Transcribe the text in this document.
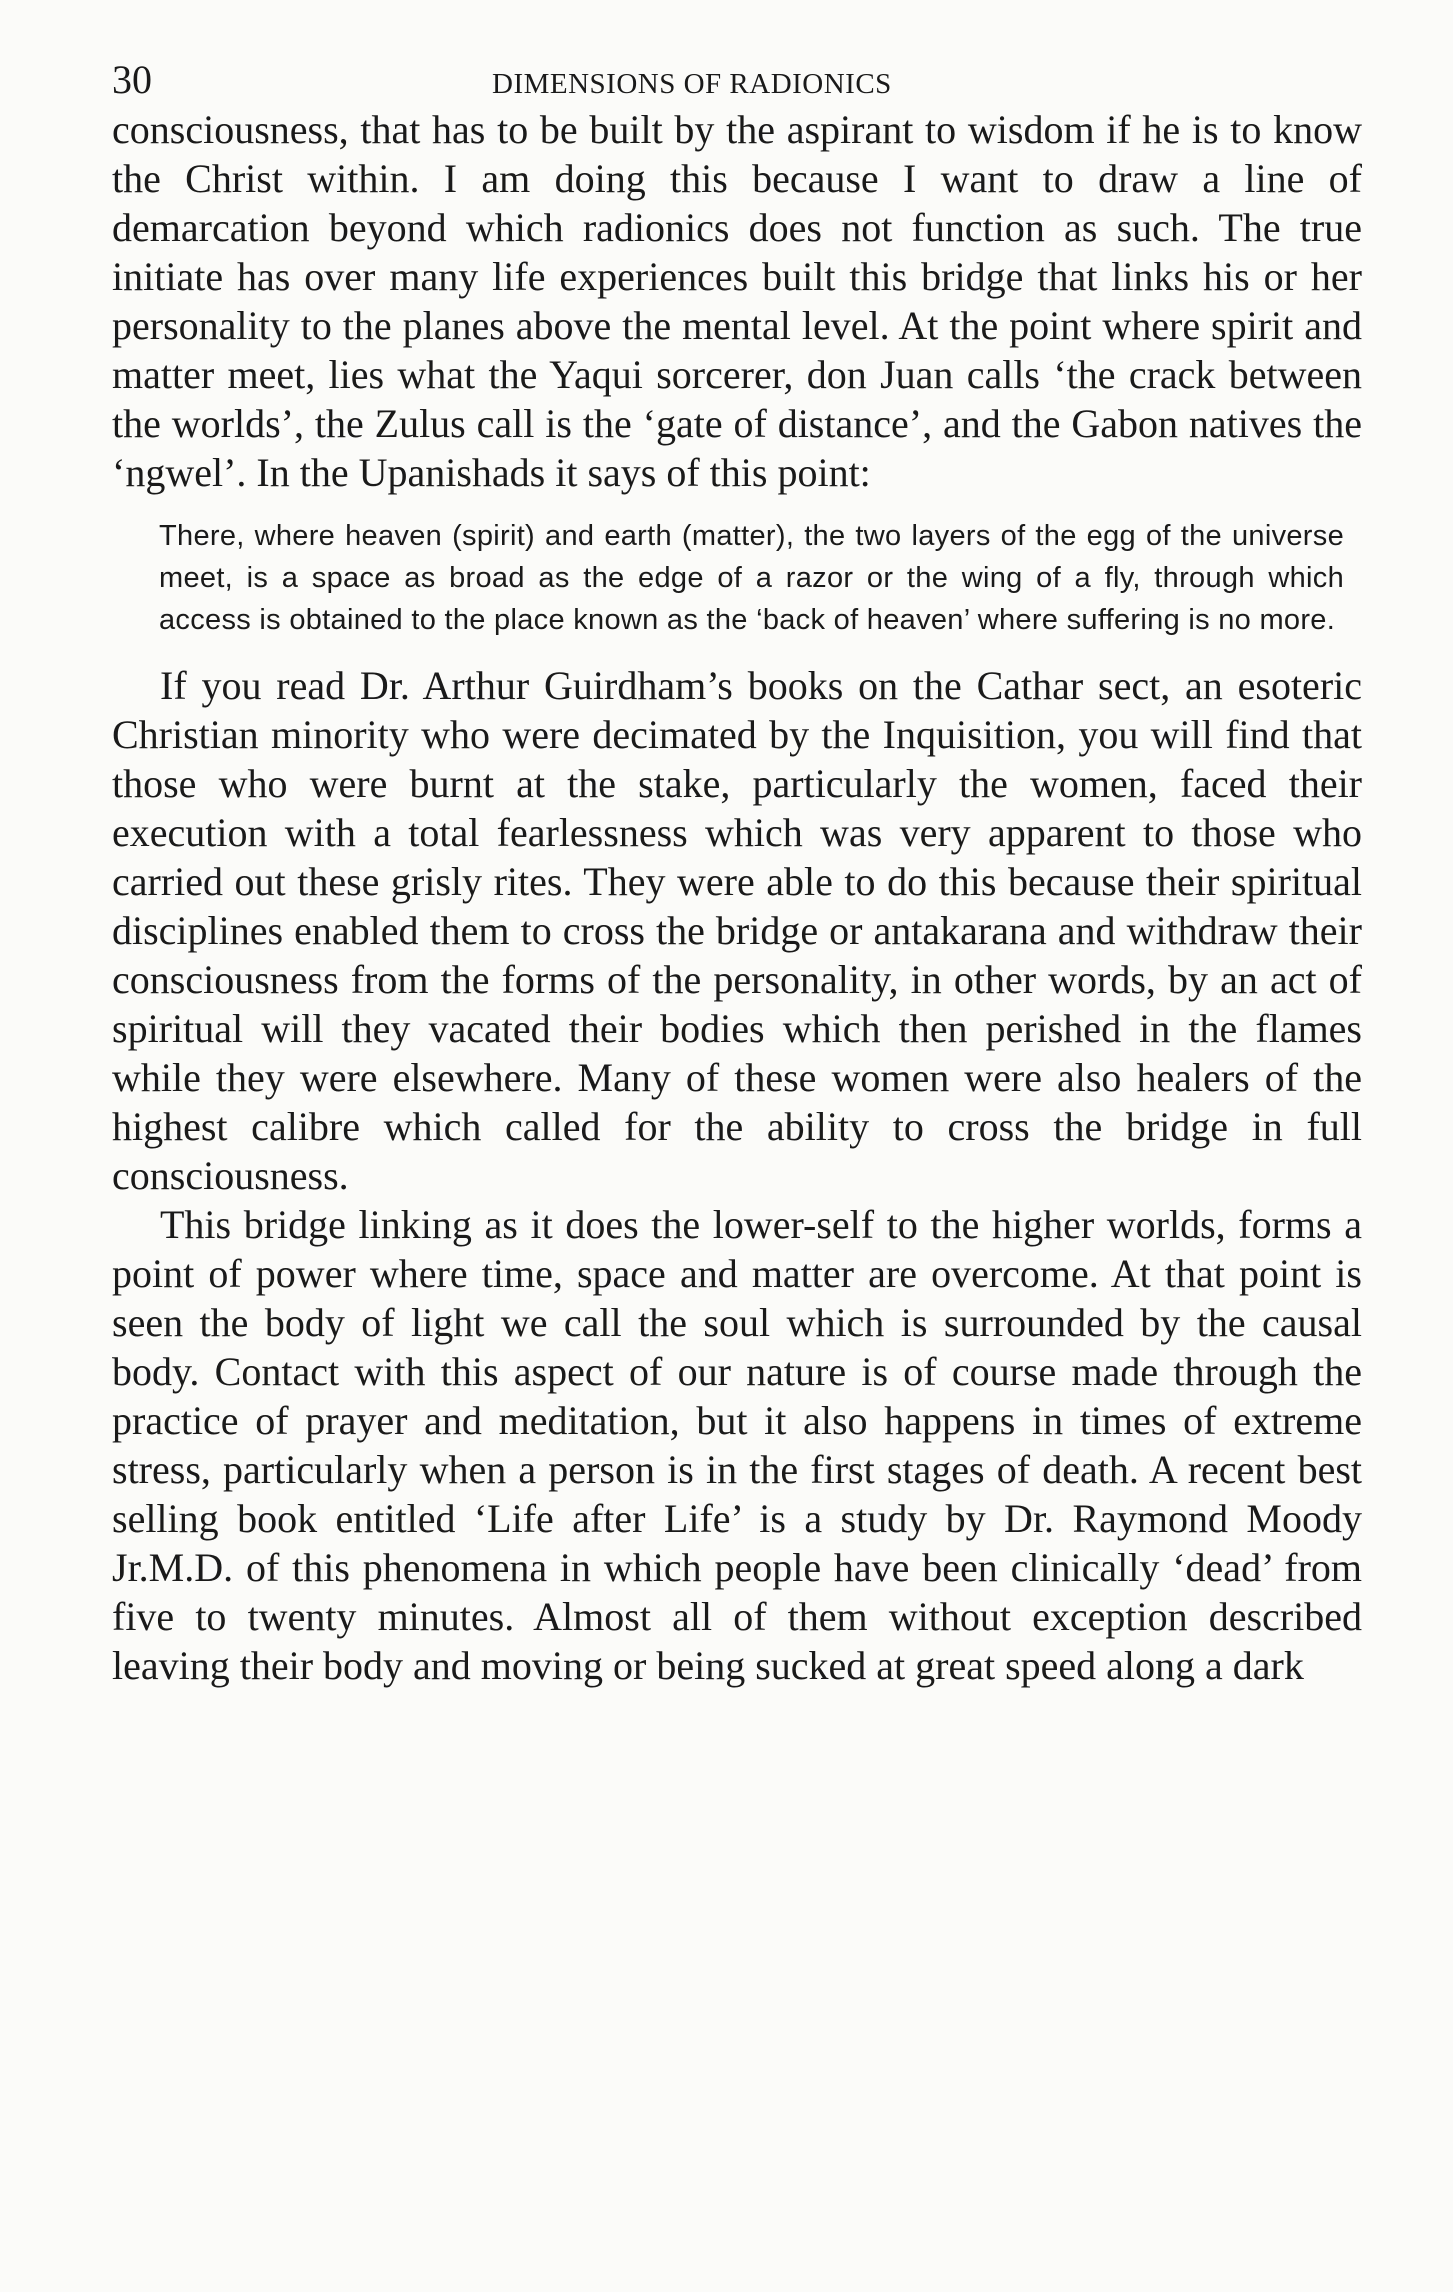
30	DIMENSIONS OF RADIONICS

consciousness, that has to be built by the aspirant to wisdom if he is to know the Christ within. I am doing this because I want to draw a line of demarcation beyond which radionics does not function as such. The true initiate has over many life experiences built this bridge that links his or her personality to the planes above the mental level. At the point where spirit and matter meet, lies what the Yaqui sorcerer, don Juan calls ‘the crack between the worlds’, the Zulus call is the ‘gate of distance’, and the Gabon natives the ‘ngwel’. In the Upanishads it says of this point:

There, where heaven (spirit) and earth (matter), the two layers of the egg of the universe meet, is a space as broad as the edge of a razor or the wing of a fly, through which access is obtained to the place known as the ‘back of heaven’ where suffering is no more.

If you read Dr. Arthur Guirdham’s books on the Cathar sect, an esoteric Christian minority who were decimated by the Inquisition, you will find that those who were burnt at the stake, particularly the women, faced their execution with a total fearlessness which was very apparent to those who carried out these grisly rites. They were able to do this because their spiritual disciplines enabled them to cross the bridge or antakarana and withdraw their consciousness from the forms of the personality, in other words, by an act of spiritual will they vacated their bodies which then perished in the flames while they were elsewhere. Many of these women were also healers of the highest calibre which called for the ability to cross the bridge in full consciousness.

This bridge linking as it does the lower-self to the higher worlds, forms a point of power where time, space and matter are overcome. At that point is seen the body of light we call the soul which is surrounded by the causal body. Contact with this aspect of our nature is of course made through the practice of prayer and meditation, but it also happens in times of extreme stress, particularly when a person is in the first stages of death. A recent best selling book entitled ‘Life after Life’ is a study by Dr. Raymond Moody Jr.M.D. of this phenomena in which people have been clinically ‘dead’ from five to twenty minutes. Almost all of them without exception described leaving their body and moving or being sucked at great speed along a dark
